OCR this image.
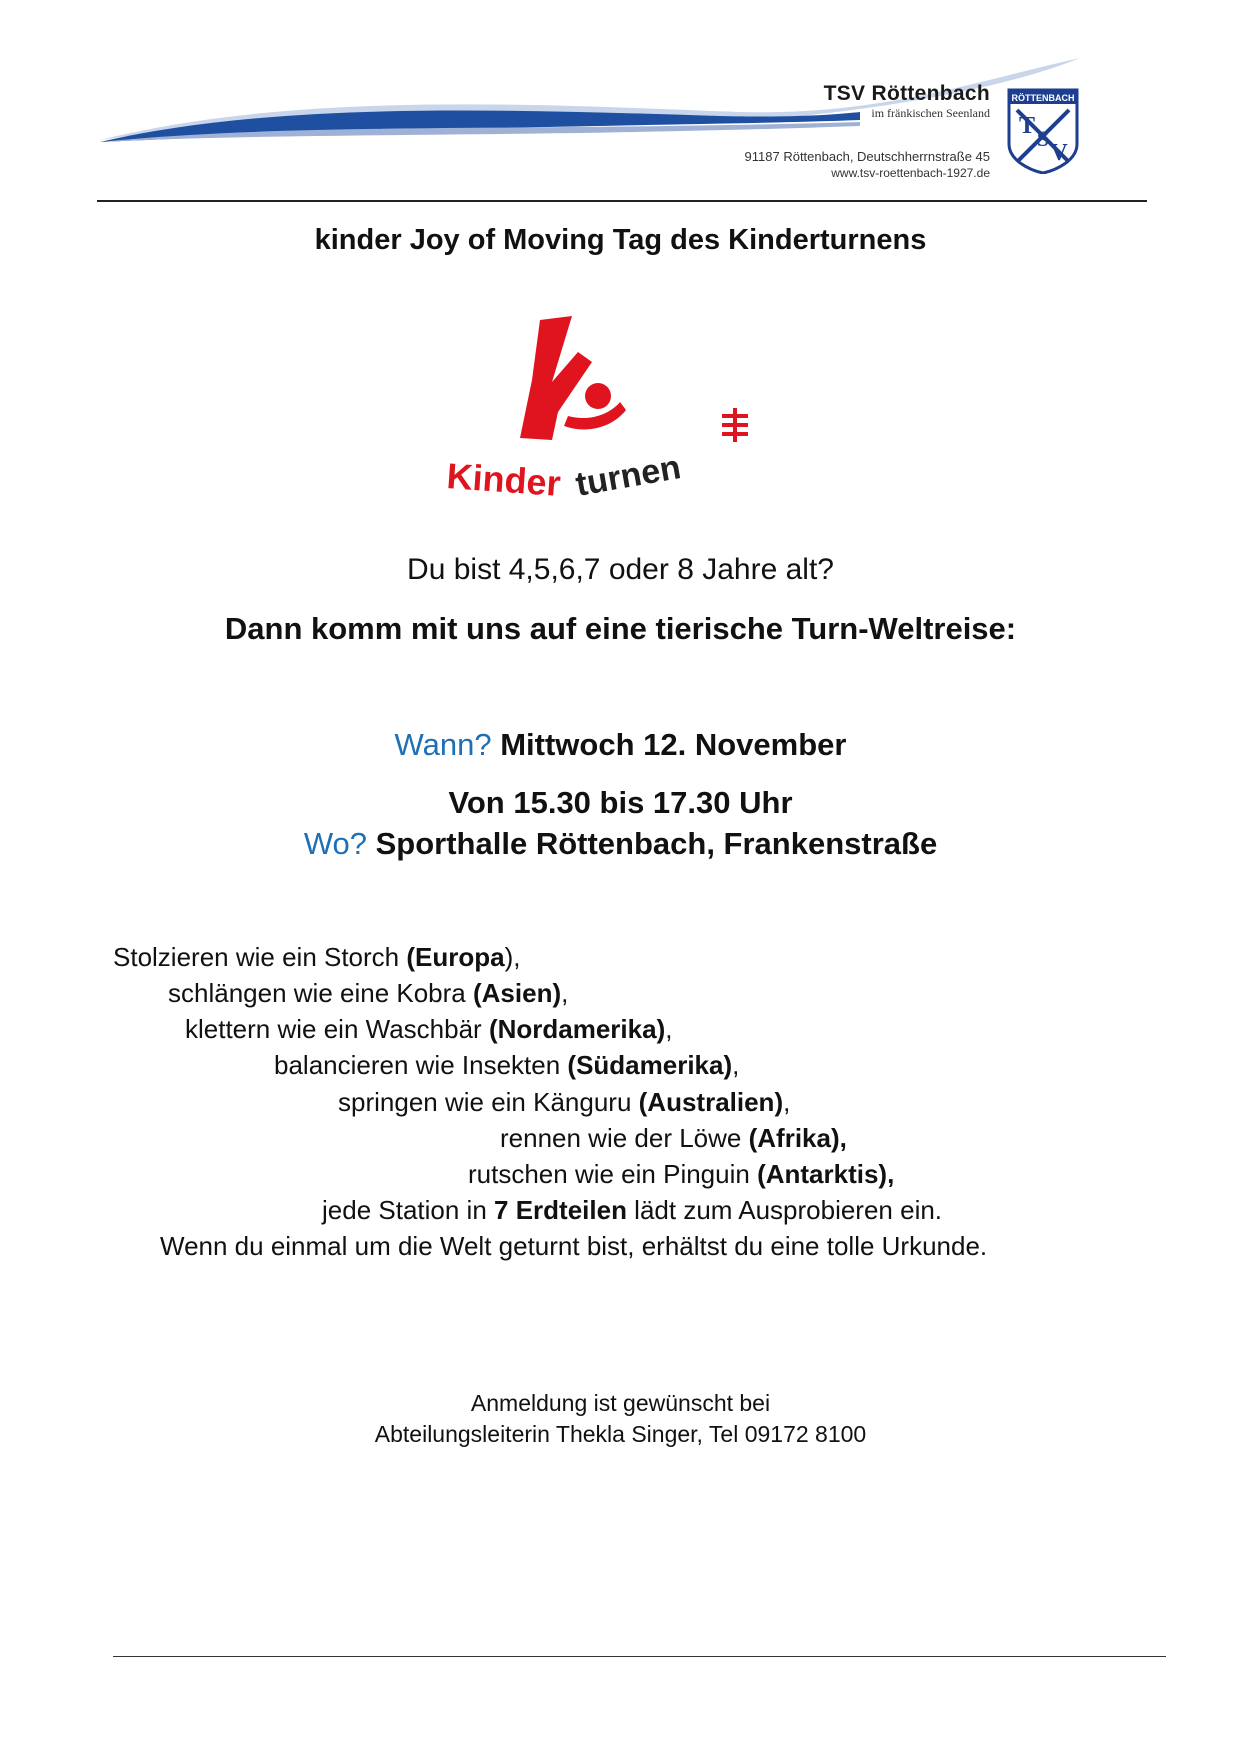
TSV Röttenbach
im fränkischen Seenland
91187 Röttenbach, Deutschherrnstraße 45
www.tsv-roettenbach-1927.de
RÖTTENBACH
T
V
S
kinder Joy of Moving Tag des Kinderturnens
Kinder turnen
Du bist 4,5,6,7 oder 8 Jahre alt?
Dann komm mit uns auf eine tierische Turn-Weltreise:
Wann? Mittwoch 12. November
Von 15.30 bis 17.30 Uhr
Wo? Sporthalle Röttenbach, Frankenstraße
Stolzieren wie ein Storch (Europa),
schlängen wie eine Kobra (Asien),
klettern wie ein Waschbär (Nordamerika),
balancieren wie Insekten (Südamerika),
springen wie ein Känguru (Australien),
rennen wie der Löwe (Afrika),
rutschen wie ein Pinguin (Antarktis),
jede Station in 7 Erdteilen lädt zum Ausprobieren ein.
Wenn du einmal um die Welt geturnt bist, erhältst du eine tolle Urkunde.
Anmeldung ist gewünscht bei
Abteilungsleiterin Thekla Singer, Tel 09172 8100
